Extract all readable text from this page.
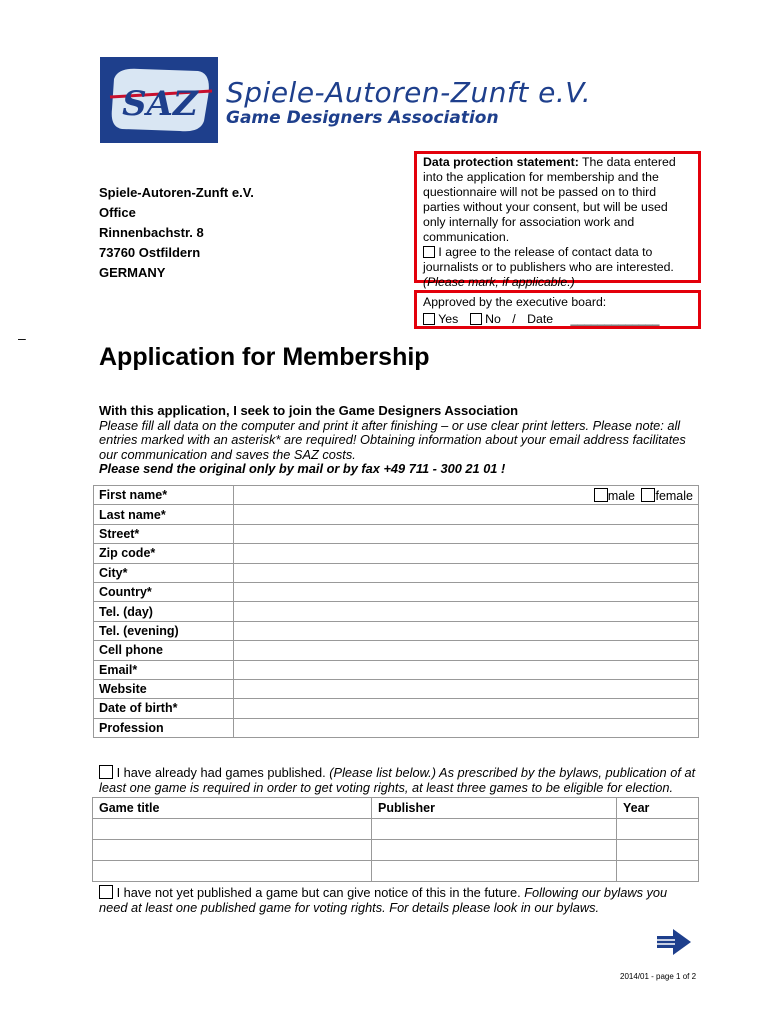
SAZ Spiele-Autoren-Zunft e.V.
Game Designers Association
Spiele-Autoren-Zunft e.V.
Office
Rinnenbachstr. 8
73760 Ostfildern
GERMANY
Data protection statement: The data entered into the application for membership and the questionnaire will not be passed on to third parties without your consent, but will be used only internally for association work and communication.
I agree to the release of contact data to journalists or to publishers who are interested.
(Please mark, if applicable.)
Approved by the executive board:
Yes No / Date _____________
–
Application for Membership
With this application, I seek to join the Game Designers Association
Please fill all data on the computer and print it after finishing – or use clear print letters. Please note: all entries marked with an asterisk* are required! Obtaining information about your email address facilitates our communication and saves the SAZ costs.
Please send the original only by mail or by fax +49 711 - 300 21 01 !
First name*	male female

Last name*	
Street*	
Zip code*	
City*	
Country*	
Tel. (day)	
Tel. (evening)	
Cell phone	
Email*	
Website	
Date of birth*	
Profession	
I have already had games published. (Please list below.) As prescribed by the bylaws, publication of at least one game is required in order to get voting rights, at least three games to be eligible for election.
Game title	Publisher	Year

I have not yet published a game but can give notice of this in the future. Following our bylaws you need at least one published game for voting rights. For details please look in our bylaws.
2014/01 - page 1 of 2
